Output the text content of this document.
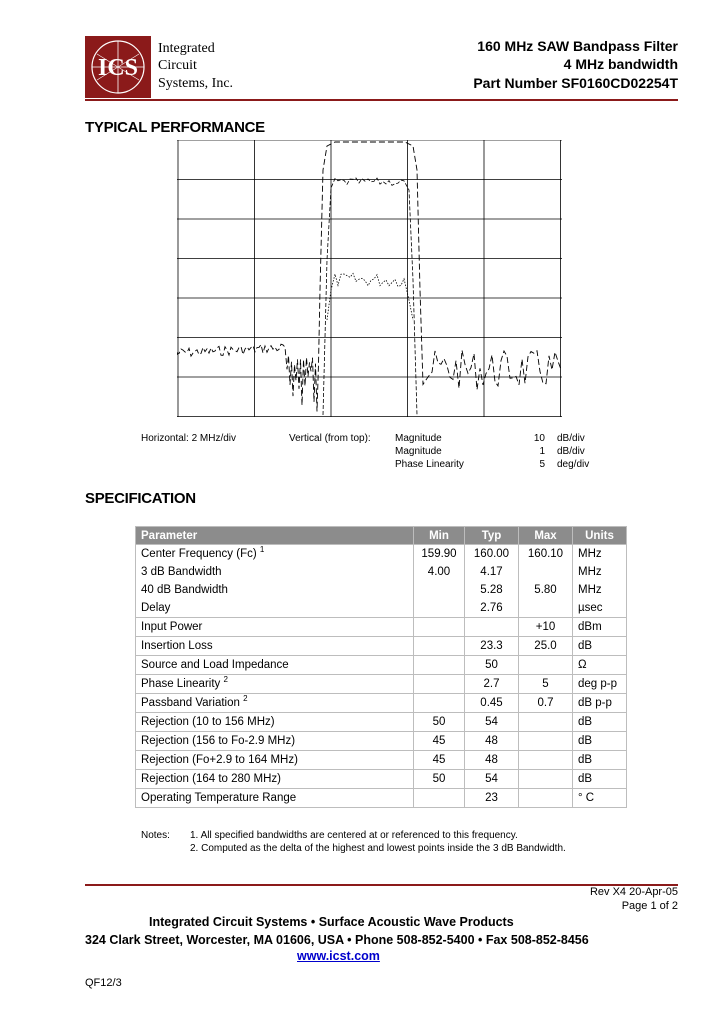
ICS
Integrated
Circuit
Systems, Inc.
160 MHz SAW Bandpass Filter
4 MHz bandwidth
Part Number SF0160CD02254T
TYPICAL PERFORMANCE
Horizontal: 2 MHz/div	Vertical (from top): Magnitude	10 dB/div
Magnitude	1 dB/div
Phase Linearity	5 deg/div
SPECIFICATION
Parameter	Min	Typ	Max	Units
Center Frequency (Fc) $^1$	159.90	160.00	160.10	MHz
3 dB Bandwidth	4.00	4.17		MHz
40 dB Bandwidth		5.28	5.80	MHz
Delay		2.76		µsec
Input Power			+10	dBm
Insertion Loss		23.3	25.0	dB
Source and Load Impedance		50		Ω
Phase Linearity $^2$		2.7	5	deg p-p
Passband Variation $^2$		0.45	0.7	dB p-p
Rejection (10 to 156 MHz)	50	54		dB
Rejection (156 to Fo-2.9 MHz)	45	48		dB
Rejection (Fo+2.9 to 164 MHz)	45	48		dB
Rejection (164 to 280 MHz)	50	54		dB
Operating Temperature Range		23		° C
Notes: 1. All specified bandwidths are centered at or referenced to this frequency.
2. Computed as the delta of the highest and lowest points inside the 3 dB Bandwidth.
Rev X4 20-Apr-05
Page 1 of 2
Integrated Circuit Systems • Surface Acoustic Wave Products
324 Clark Street, Worcester, MA 01606, USA • Phone 508-852-5400 • Fax 508-852-8456
www.icst.com
QF12/3
